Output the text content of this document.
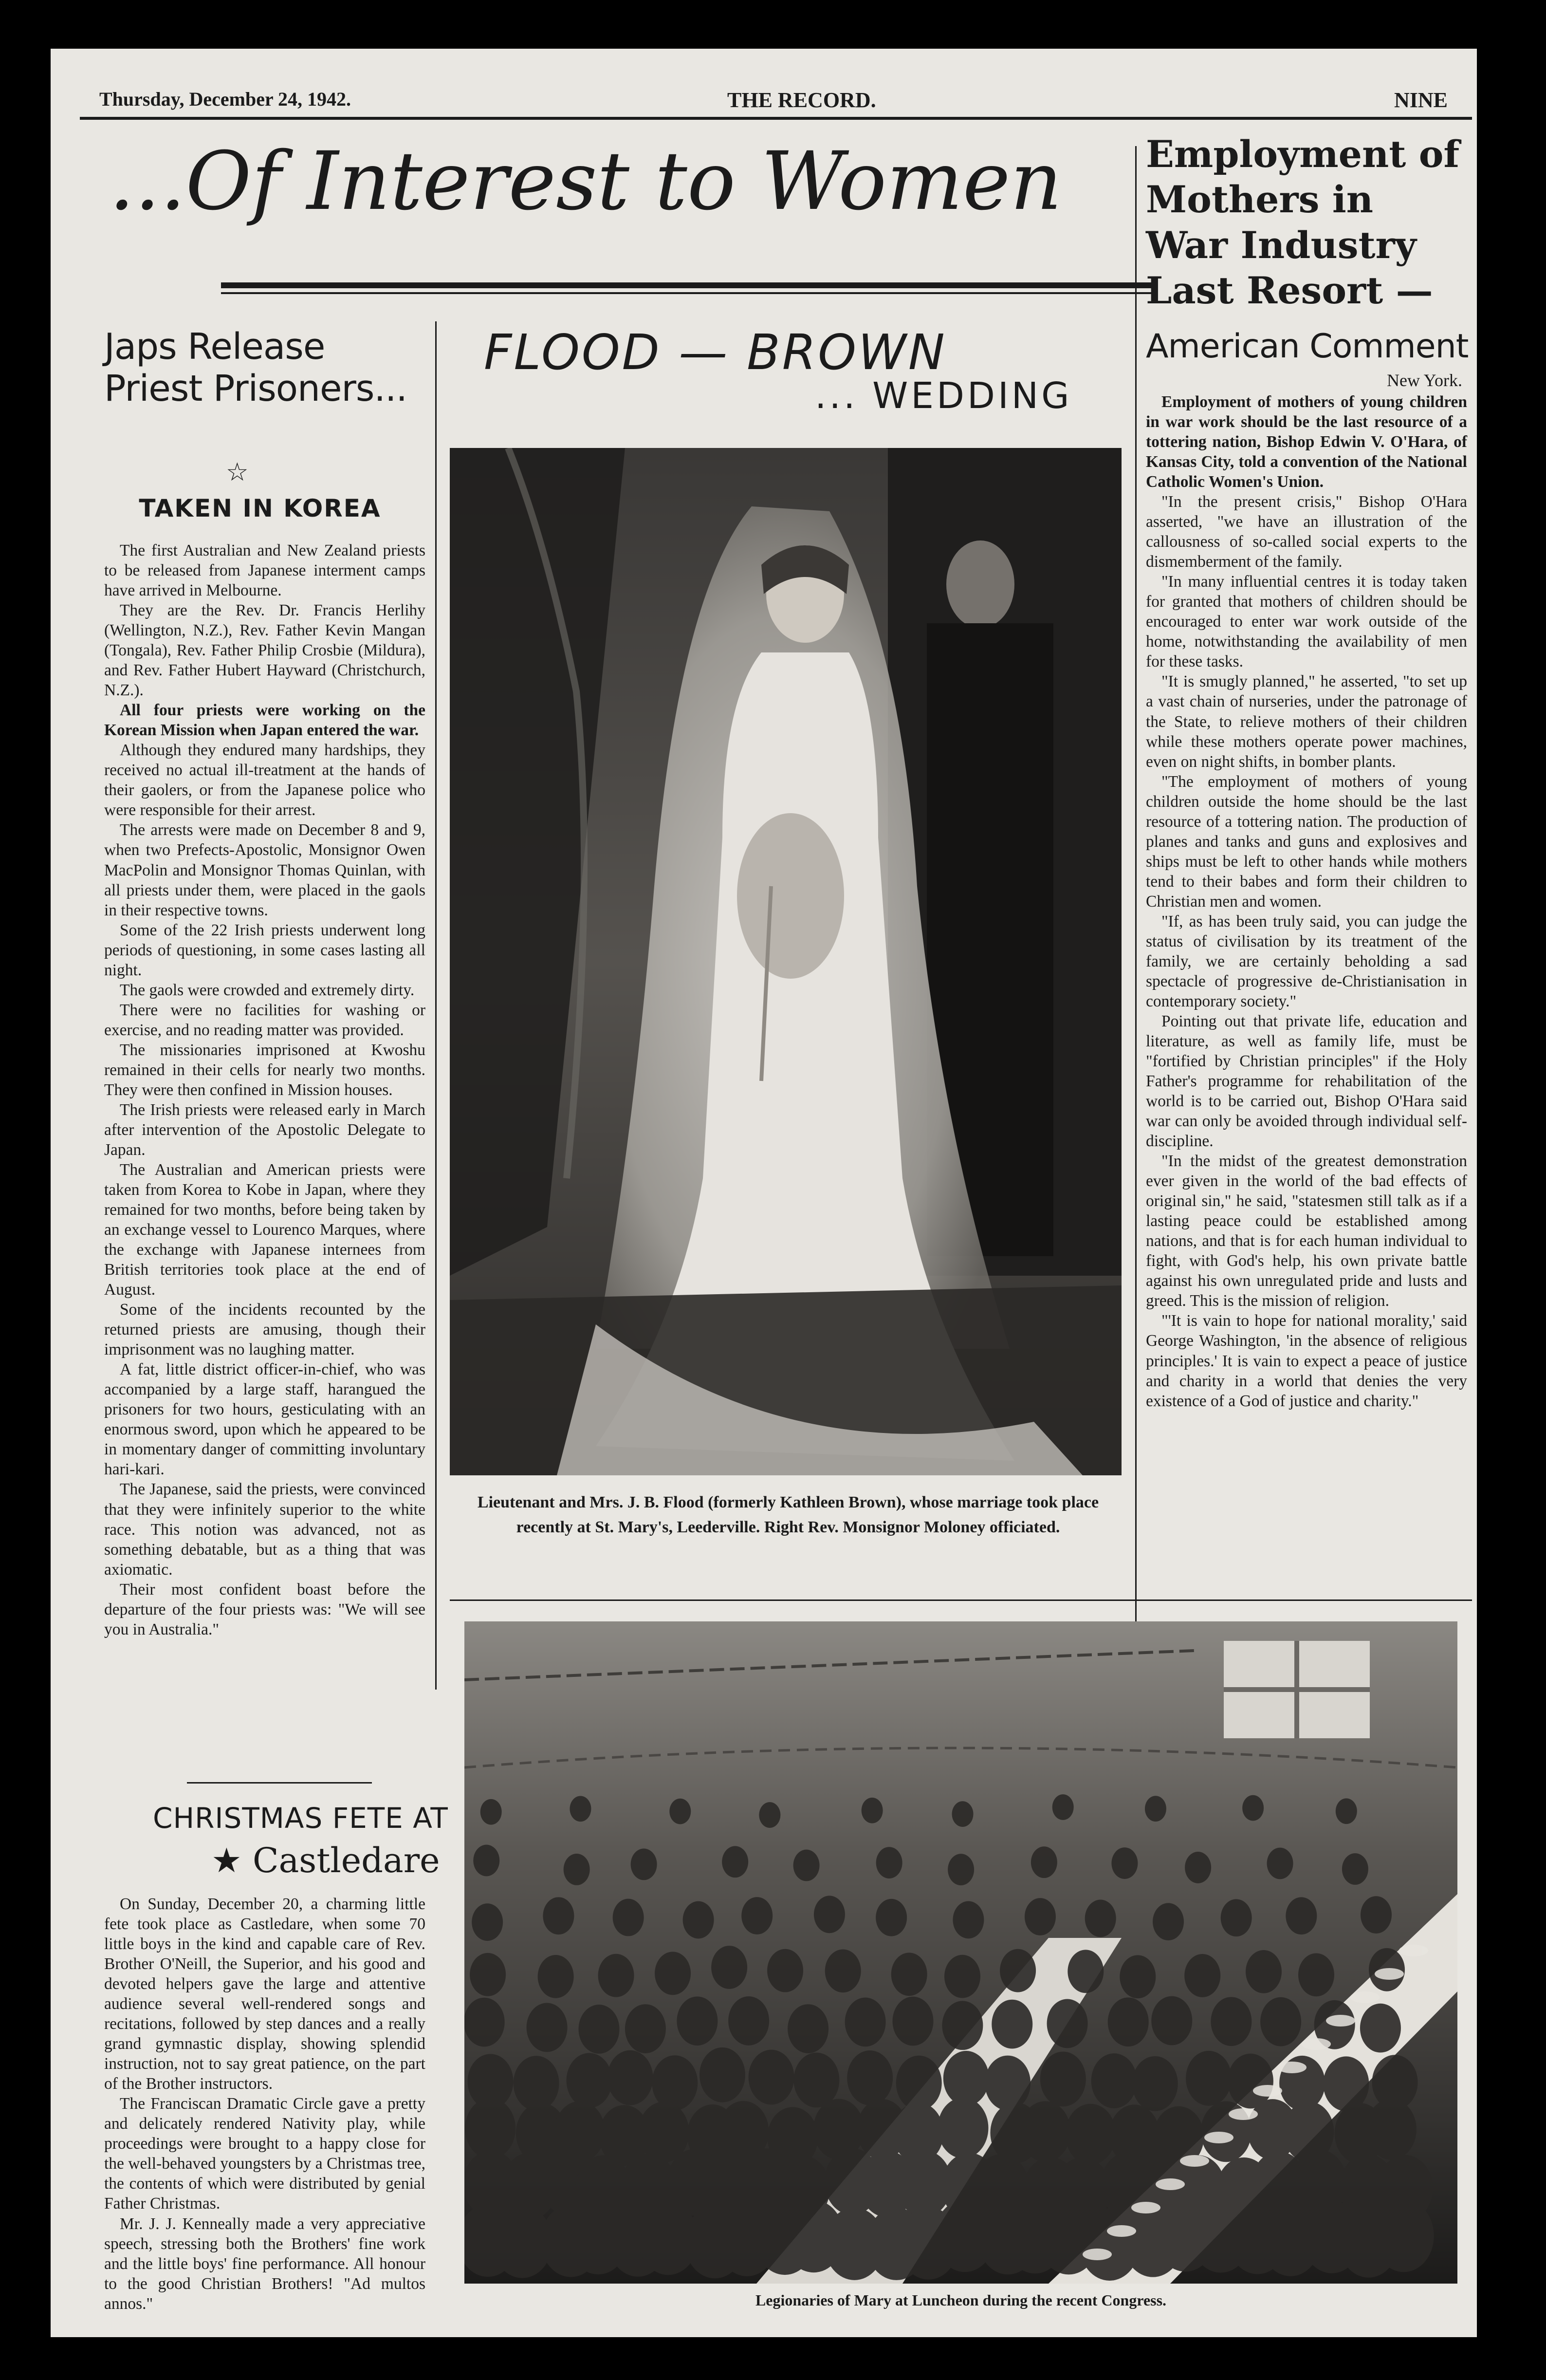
Thursday, December 24, 1942.	THE RECORD.	NINE
...Of Interest to Women
Japs Release
Priest Prisoners...
☆
TAKEN IN KOREA

The first Australian and New Zealand priests to be released from Japanese interment camps have arrived in Melbourne.

They are the Rev. Dr. Francis Herlihy (Wellington, N.Z.), Rev. Father Kevin Mangan (Tongala), Rev. Father Philip Crosbie (Mildura), and Rev. Father Hubert Hayward (Christchurch, N.Z.).

All four priests were working on the Korean Mission when Japan entered the war.

Although they endured many hardships, they received no actual ill-treatment at the hands of their gaolers, or from the Japanese police who were responsible for their arrest.

The arrests were made on December 8 and 9, when two Prefects-Apostolic, Monsignor Owen MacPolin and Monsignor Thomas Quinlan, with all priests under them, were placed in the gaols in their respective towns.

Some of the 22 Irish priests underwent long periods of questioning, in some cases lasting all night.

The gaols were crowded and extremely dirty.

There were no facilities for washing or exercise, and no reading matter was provided.

The missionaries imprisoned at Kwoshu remained in their cells for nearly two months. They were then confined in Mission houses.

The Irish priests were released early in March after intervention of the Apostolic Delegate to Japan.

The Australian and American priests were taken from Korea to Kobe in Japan, where they remained for two months, before being taken by an exchange vessel to Lourenco Marques, where the exchange with Japanese internees from British territories took place at the end of August.

Some of the incidents recounted by the returned priests are amusing, though their imprisonment was no laughing matter.

A fat, little district officer-in-chief, who was accompanied by a large staff, harangued the prisoners for two hours, gesticulating with an enormous sword, upon which he appeared to be in momentary danger of committing involuntary hari-kari.

The Japanese, said the priests, were convinced that they were infinitely superior to the white race. This notion was advanced, not as something debatable, but as a thing that was axiomatic.

Their most confident boast before the departure of the four priests was: "We will see you in Australia."

CHRISTMAS FETE AT
★ Castledare

On Sunday, December 20, a charming little fete took place as Castledare, when some 70 little boys in the kind and capable care of Rev. Brother O'Neill, the Superior, and his good and devoted helpers gave the large and attentive audience several well-rendered songs and recitations, followed by step dances and a really grand gymnastic display, showing splendid instruction, not to say great patience, on the part of the Brother instructors.

The Franciscan Dramatic Circle gave a pretty and delicately rendered Nativity play, while proceedings were brought to a happy close for the well-behaved youngsters by a Christmas tree, the contents of which were distributed by genial Father Christmas.

Mr. J. J. Kenneally made a very appreciative speech, stressing both the Brothers' fine work and the little boys' fine performance. All honour to the good Christian Brothers! "Ad multos annos."

FLOOD — BROWN
... WEDDING
Lieutenant and Mrs. J. B. Flood (formerly Kathleen Brown), whose marriage took place recently at St. Mary's, Leederville. Right Rev. Monsignor Moloney officiated.
Employment of Mothers in War Industry Last Resort —
American Comment
New York.

Employment of mothers of young children in war work should be the last resource of a tottering nation, Bishop Edwin V. O'Hara, of Kansas City, told a convention of the National Catholic Women's Union.

"In the present crisis," Bishop O'Hara asserted, "we have an illustration of the callousness of so-called social experts to the dismemberment of the family.

"In many influential centres it is today taken for granted that mothers of children should be encouraged to enter war work outside of the home, notwithstanding the availability of men for these tasks.

"It is smugly planned," he asserted, "to set up a vast chain of nurseries, under the patronage of the State, to relieve mothers of their children while these mothers operate power machines, even on night shifts, in bomber plants.

"The employment of mothers of young children outside the home should be the last resource of a tottering nation. The production of planes and tanks and guns and explosives and ships must be left to other hands while mothers tend to their babes and form their children to Christian men and women.

"If, as has been truly said, you can judge the status of civilisation by its treatment of the family, we are certainly beholding a sad spectacle of progressive de-Christianisation in contemporary society."

Pointing out that private life, education and literature, as well as family life, must be "fortified by Christian principles" if the Holy Father's programme for rehabilitation of the world is to be carried out, Bishop O'Hara said war can only be avoided through individual self-discipline.

"In the midst of the greatest demonstration ever given in the world of the bad effects of original sin," he said, "statesmen still talk as if a lasting peace could be established among nations, and that is for each human individual to fight, with God's help, his own private battle against his own unregulated pride and lusts and greed. This is the mission of religion.

"'It is vain to hope for national morality,' said George Washington, 'in the absence of religious principles.' It is vain to expect a peace of justice and charity in a world that denies the very existence of a God of justice and charity."

Legionaries of Mary at Luncheon during the recent Congress.
